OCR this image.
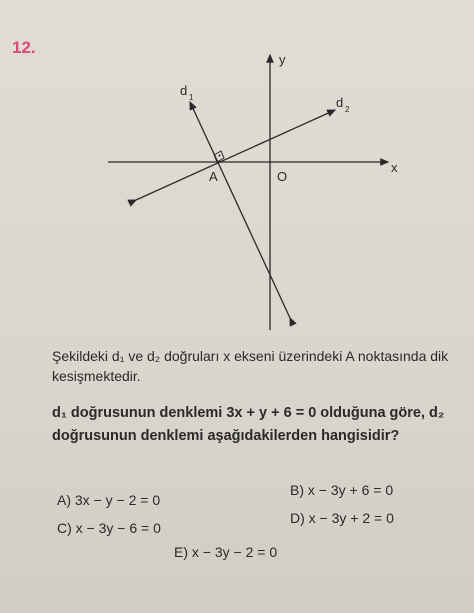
12.
y
x
O
A
d 1	d 2
Şekildeki d₁ ve d₂ doğruları x ekseni üzerindeki A noktasında dik kesişmektedir.
d₁ doğrusunun denklemi 3x + y + 6 = 0 olduğuna göre, d₂ doğrusunun denklemi aşağıdakilerden hangisidir?
A) 3x − y − 2 = 0
B) x − 3y + 6 = 0
C) x − 3y − 6 = 0
D) x − 3y + 2 = 0
E) x − 3y − 2 = 0
